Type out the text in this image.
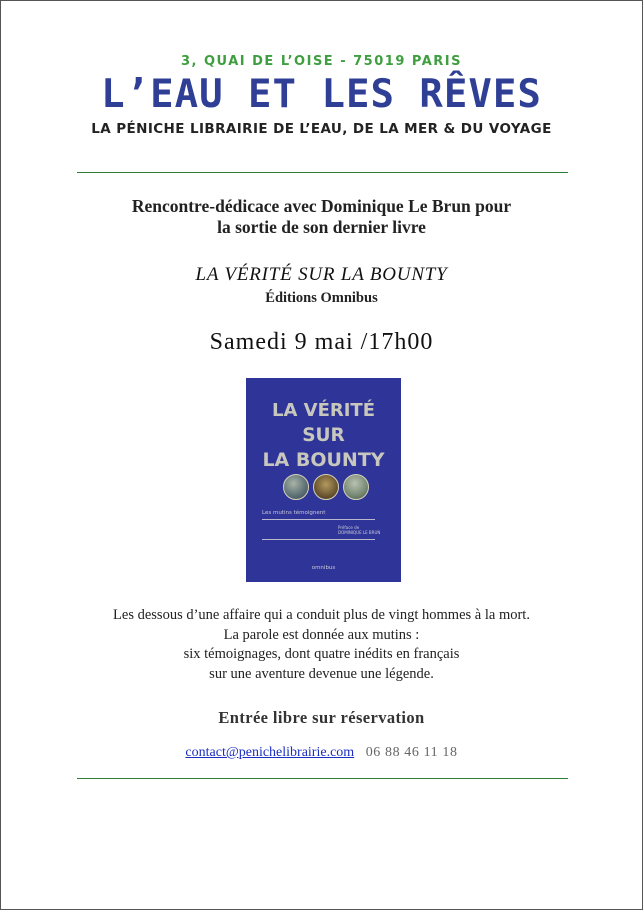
3, QUAI DE L’OISE - 75019 PARIS
L’EAU ET LES RÊVES
LA PÉNICHE LIBRAIRIE DE L’EAU, DE LA MER & DU VOYAGE
Rencontre-dédicace avec Dominique Le Brun pour
la sortie de son dernier livre
LA VÉRITÉ SUR LA BOUNTY
Éditions Omnibus
Samedi 9 mai /17h00
LA VÉRITÉ
SUR
LA BOUNTY
Les mutins témoignent
Préface de
DOMINIQUE LE BRUN
omnibus
Les dessous d’une affaire qui a conduit plus de vingt hommes à la mort.
La parole est donnée aux mutins :
six témoignages, dont quatre inédits en français
sur une aventure devenue une légende.
Entrée libre sur réservation
contact@penichelibrairie.com 06 88 46 11 18
